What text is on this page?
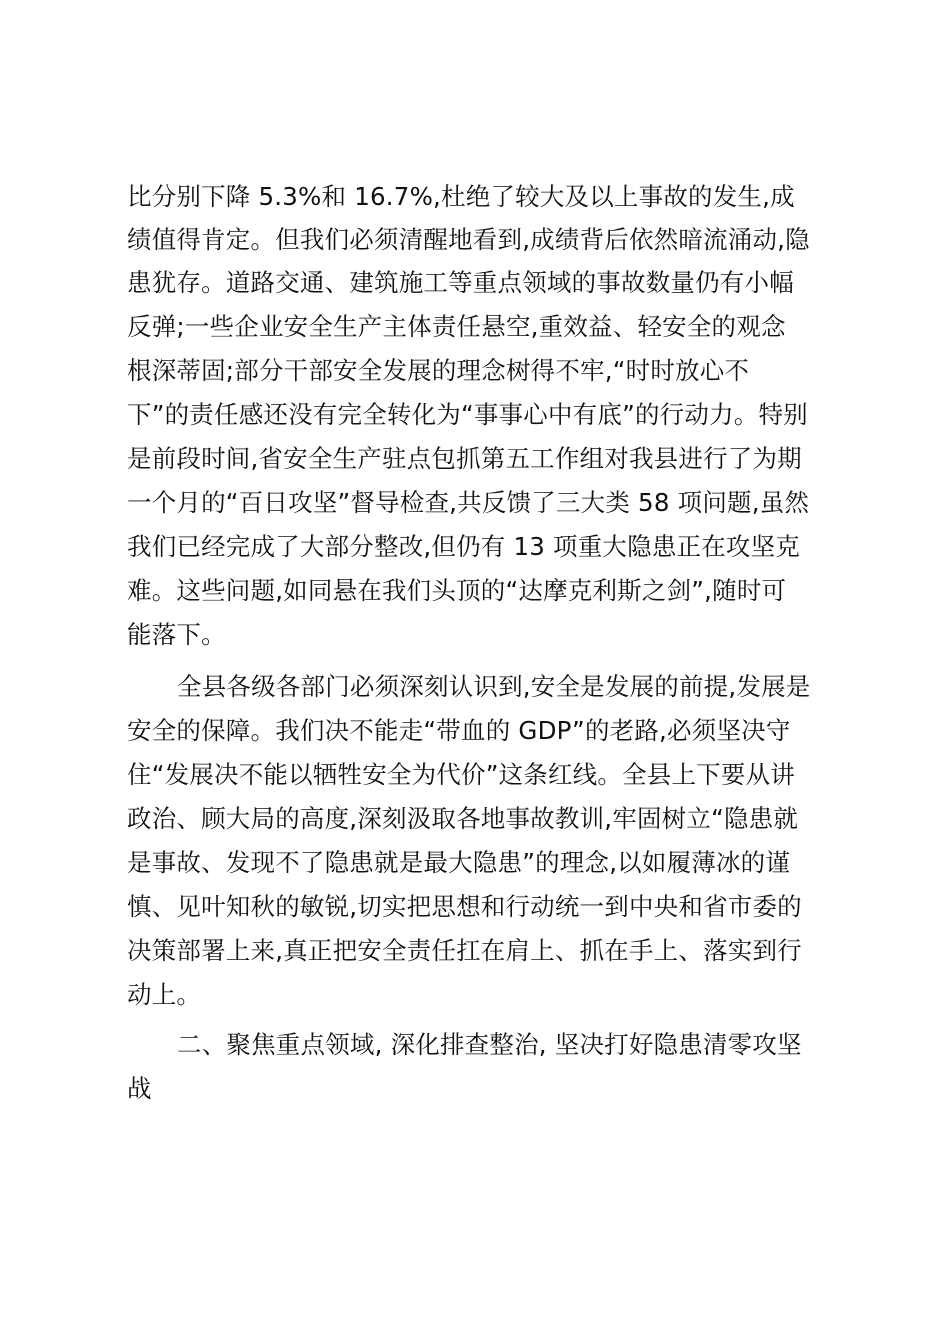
比分别下降 5.3%和 16.7%,杜绝了较大及以上事故的发生,成
绩值得肯定。但我们必须清醒地看到,成绩背后依然暗流涌动,隐
患犹存。道路交通、建筑施工等重点领域的事故数量仍有小幅
反弹;一些企业安全生产主体责任悬空,重效益、轻安全的观念
根深蒂固;部分干部安全发展的理念树得不牢,“时时放心不
下”的责任感还没有完全转化为“事事心中有底”的行动力。特别
是前段时间,省安全生产驻点包抓第五工作组对我县进行了为期
一个月的“百日攻坚”督导检查,共反馈了三大类 58 项问题,虽然
我们已经完成了大部分整改,但仍有 13 项重大隐患正在攻坚克
难。这些问题,如同悬在我们头顶的“达摩克利斯之剑”,随时可
能落下。
全县各级各部门必须深刻认识到,安全是发展的前提,发展是
安全的保障。我们决不能走“带血的 GDP”的老路,必须坚决守
住“发展决不能以牺牲安全为代价”这条红线。全县上下要从讲
政治、顾大局的高度,深刻汲取各地事故教训,牢固树立“隐患就
是事故、发现不了隐患就是最大隐患”的理念,以如履薄冰的谨
慎、见叶知秋的敏锐,切实把思想和行动统一到中央和省市委的
决策部署上来,真正把安全责任扛在肩上、抓在手上、落实到行
动上。
二、聚焦重点领域, 深化排查整治, 坚决打好隐患清零攻坚
战
